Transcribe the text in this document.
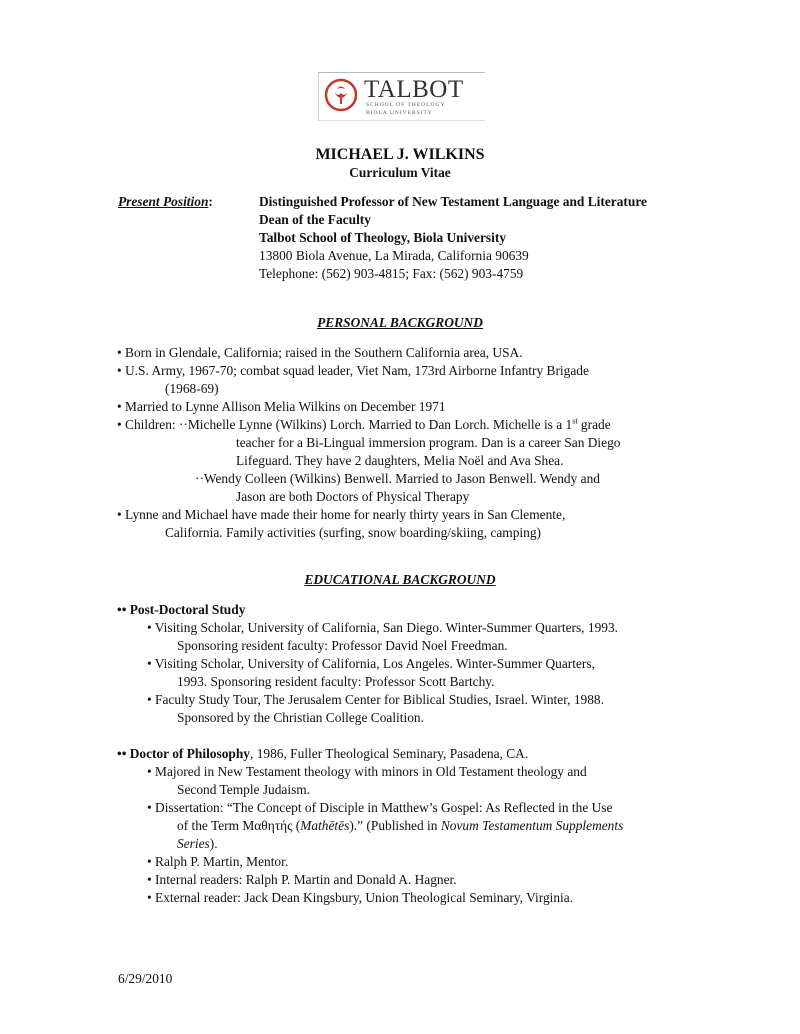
TALBOT
SCHOOL OF THEOLOGY
BIOLA UNIVERSITY
MICHAEL J. WILKINS
Curriculum Vitae
Present Position:	Distinguished Professor of New Testament Language and Literature
Dean of the Faculty
Talbot School of Theology, Biola University
13800 Biola Avenue, La Mirada, California 90639
Telephone: (562) 903-4815; Fax: (562) 903-4759
PERSONAL BACKGROUND
• Born in Glendale, California; raised in the Southern California area, USA.
• U.S. Army, 1967-70; combat squad leader, Viet Nam, 173rd Airborne Infantry Brigade
(1968-69)
• Married to Lynne Allison Melia Wilkins on December 1971
• Children: ··Michelle Lynne (Wilkins) Lorch. Married to Dan Lorch. Michelle is a 1st grade
teacher for a Bi-Lingual immersion program. Dan is a career San Diego
Lifeguard. They have 2 daughters, Melia Noël and Ava Shea.
··Wendy Colleen (Wilkins) Benwell. Married to Jason Benwell. Wendy and
Jason are both Doctors of Physical Therapy
• Lynne and Michael have made their home for nearly thirty years in San Clemente,
California. Family activities (surfing, snow boarding/skiing, camping)
EDUCATIONAL BACKGROUND
•• Post-Doctoral Study
• Visiting Scholar, University of California, San Diego. Winter-Summer Quarters, 1993.
Sponsoring resident faculty: Professor David Noel Freedman.
• Visiting Scholar, University of California, Los Angeles. Winter-Summer Quarters,
1993. Sponsoring resident faculty: Professor Scott Bartchy.
• Faculty Study Tour, The Jerusalem Center for Biblical Studies, Israel. Winter, 1988.
Sponsored by the Christian College Coalition.
•• Doctor of Philosophy, 1986, Fuller Theological Seminary, Pasadena, CA.
• Majored in New Testament theology with minors in Old Testament theology and
Second Temple Judaism.
• Dissertation: “The Concept of Disciple in Matthew’s Gospel: As Reflected in the Use
of the Term Μαθητής (Mathētēs).” (Published in Novum Testamentum Supplements
Series).
• Ralph P. Martin, Mentor.
• Internal readers: Ralph P. Martin and Donald A. Hagner.
• External reader: Jack Dean Kingsbury, Union Theological Seminary, Virginia.
6/29/2010
